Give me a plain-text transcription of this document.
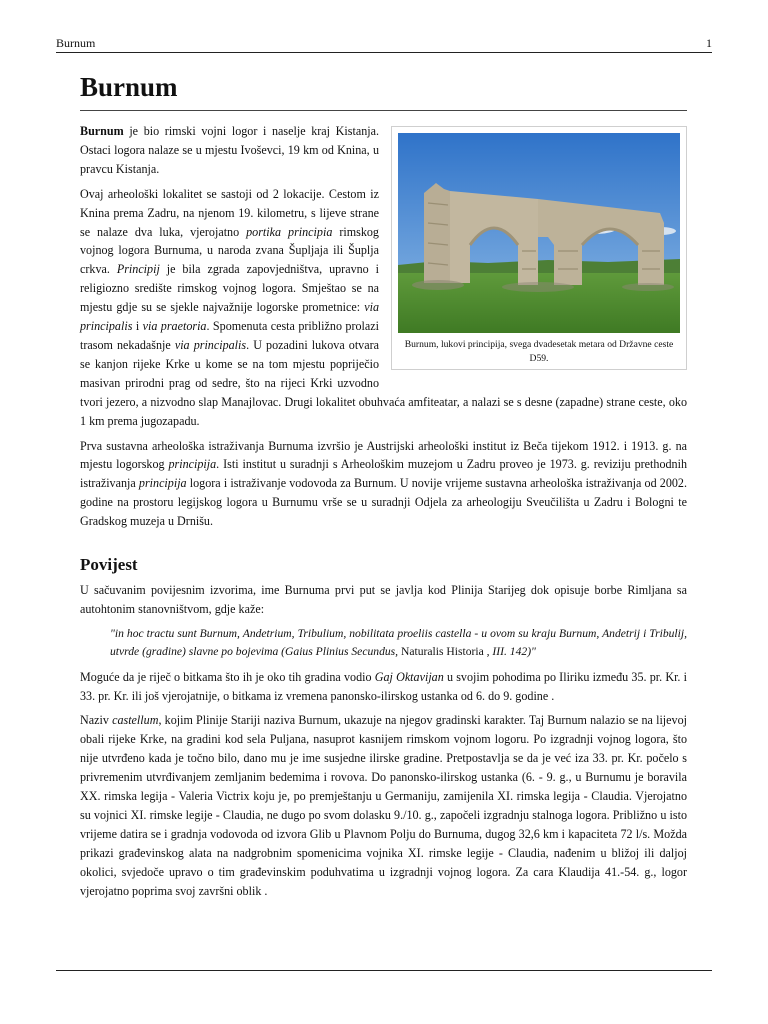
Burnum	1
Burnum
Burnum, lukovi principija, svega dvadesetak metara od Državne ceste D59.

Burnum je bio rimski vojni logor i naselje kraj Kistanja. Ostaci logora nalaze se u mjestu Ivoševci, 19 km od Knina, u pravcu Kistanja.

Ovaj arheološki lokalitet se sastoji od 2 lokacije. Cestom iz Knina prema Zadru, na njenom 19. kilometru, s lijeve strane se nalaze dva luka, vjerojatno portika principia rimskog vojnog logora Burnuma, u naroda zvana Šupljaja ili Šuplja crkva. Principij je bila zgrada zapovjedništva, upravno i religiozno središte rimskog vojnog logora. Smještao se na mjestu gdje su se sjekle najvažnije logorske prometnice: via principalis i via praetoria. Spomenuta cesta približno prolazi trasom nekadašnje via principalis. U pozadini lukova otvara se kanjon rijeke Krke u kome se na tom mjestu popriječio masivan prirodni prag od sedre, što na rijeci Krki uzvodno tvori jezero, a nizvodno slap Manajlovac. Drugi lokalitet obuhvaća amfiteatar, a nalazi se s desne (zapadne) strane ceste, oko 1 km prema jugozapadu.

Prva sustavna arheološka istraživanja Burnuma izvršio je Austrijski arheološki institut iz Beča tijekom 1912. i 1913. g. na mjestu logorskog principija. Isti institut u suradnji s Arheološkim muzejom u Zadru proveo je 1973. g. reviziju prethodnih istraživanja principija logora i istraživanje vodovoda za Burnum. U novije vrijeme sustavna arheološka istraživanja od 2002. godine na prostoru legijskog logora u Burnumu vrše se u suradnji Odjela za arheologiju Sveučilišta u Zadru i Bologni te Gradskog muzeja u Drnišu.

Povijest

U sačuvanim povijesnim izvorima, ime Burnuma prvi put se javlja kod Plinija Starijeg dok opisuje borbe Rimljana sa autohtonim stanovništvom, gdje kaže:

"in hoc tractu sunt Burnum, Andetrium, Tribulium, nobilitata proeliis castella - u ovom su kraju Burnum, Andetrij i Tribulij, utvrde (gradine) slavne po bojevima (Gaius Plinius Secundus, Naturalis Historia , III. 142)"

Moguće da je riječ o bitkama što ih je oko tih gradina vodio Gaj Oktavijan u svojim pohodima po Iliriku između 35. pr. Kr. i 33. pr. Kr. ili još vjerojatnije, o bitkama iz vremena panonsko-ilirskog ustanka od 6. do 9. godine .

Naziv castellum, kojim Plinije Stariji naziva Burnum, ukazuje na njegov gradinski karakter. Taj Burnum nalazio se na lijevoj obali rijeke Krke, na gradini kod sela Puljana, nasuprot kasnijem rimskom vojnom logoru. Po izgradnji vojnog logora, što nije utvrđeno kada je točno bilo, dano mu je ime susjedne ilirske gradine. Pretpostavlja se da je već iza 33. pr. Kr. počelo s privremenim utvrđivanjem zemljanim bedemima i rovova. Do panonsko-ilirskog ustanka (6. - 9. g., u Burnumu je boravila XX. rimska legija - Valeria Victrix koju je, po premještanju u Germaniju, zamijenila XI. rimska legija - Claudia. Vjerojatno su vojnici XI. rimske legije - Claudia, ne dugo po svom dolasku 9./10. g., započeli izgradnju stalnoga logora. Približno u isto vrijeme datira se i gradnja vodovoda od izvora Glib u Plavnom Polju do Burnuma, dugog 32,6 km i kapaciteta 72 l/s. Možda prikazi građevinskog alata na nadgrobnim spomenicima vojnika XI. rimske legije - Claudia, nađenim u bližoj ili daljoj okolici, svjedoče upravo o tim građevinskim poduhvatima u izgradnji vojnog logora. Za cara Klaudija 41.-54. g., logor vjerojatno poprima svoj završni oblik .
